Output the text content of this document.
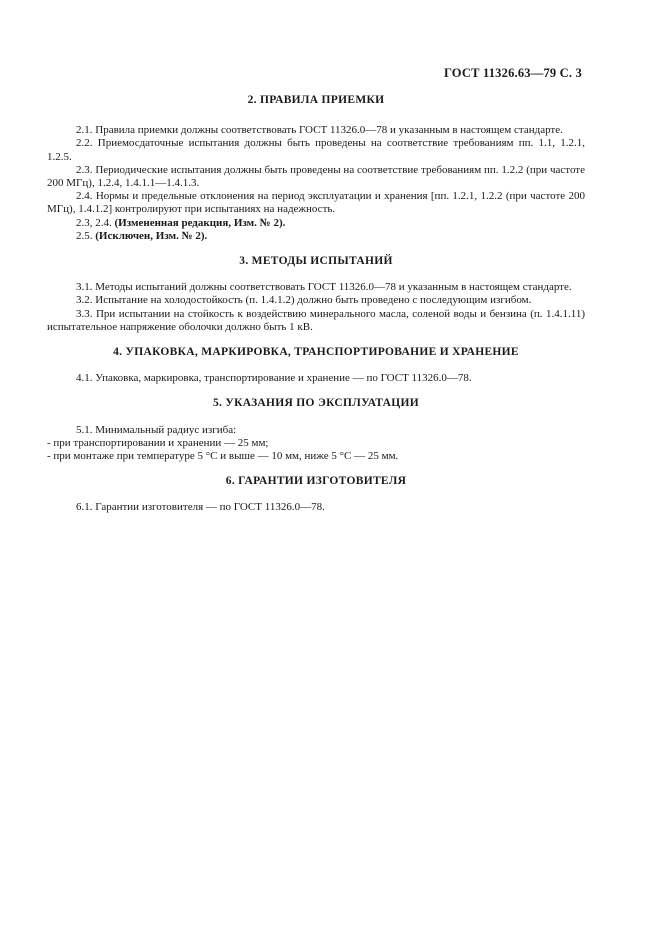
ГОСТ 11326.63—79 С. 3

2. ПРАВИЛА ПРИЕМКИ

2.1. Правила приемки должны соответствовать ГОСТ 11326.0—78 и указанным в настоящем стандарте.

2.2. Приемосдаточные испытания должны быть проведены на соответствие требованиям пп. 1.1, 1.2.1, 1.2.5.

2.3. Периодические испытания должны быть проведены на соответствие требованиям пп. 1.2.2 (при частоте 200 МГц), 1.2.4, 1.4.1.1—1.4.1.3.

2.4. Нормы и предельные отклонения на период эксплуатации и хранения [пп. 1.2.1, 1.2.2 (при частоте 200 МГц), 1.4.1.2] контролируют при испытаниях на надежность.

2.3, 2.4. (Измененная редакция, Изм. № 2).

2.5. (Исключен, Изм. № 2).

3. МЕТОДЫ ИСПЫТАНИЙ

3.1. Методы испытаний должны соответствовать ГОСТ 11326.0—78 и указанным в настоящем стандарте.

3.2. Испытание на холодостойкость (п. 1.4.1.2) должно быть проведено с последующим изгибом.

3.3. При испытании на стойкость к воздействию минерального масла, соленой воды и бензина (п. 1.4.1.11) испытательное напряжение оболочки должно быть 1 кВ.

4. УПАКОВКА, МАРКИРОВКА, ТРАНСПОРТИРОВАНИЕ И ХРАНЕНИЕ

4.1. Упаковка, маркировка, транспортирование и хранение — по ГОСТ 11326.0—78.

5. УКАЗАНИЯ ПО ЭКСПЛУАТАЦИИ

5.1. Минимальный радиус изгиба:

- при транспортировании и хранении — 25 мм;

- при монтаже при температуре 5 °С и выше — 10 мм, ниже 5 °С — 25 мм.

6. ГАРАНТИИ ИЗГОТОВИТЕЛЯ

6.1. Гарантии изготовителя — по ГОСТ 11326.0—78.
